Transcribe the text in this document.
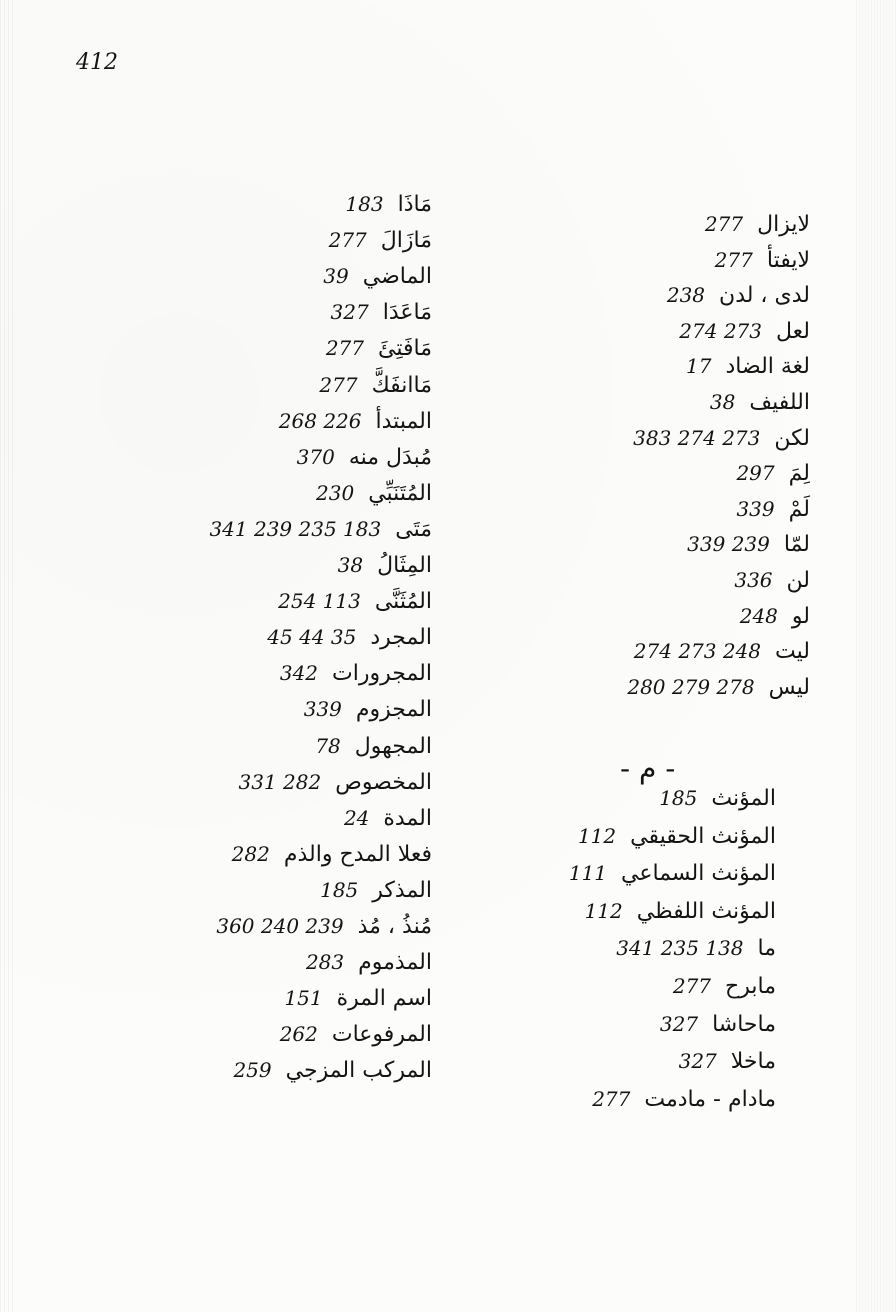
412
- م -
183 مَاذَا
277 مَازَالَ
39 الماضي
327 مَاعَدَا
277 مَافَتِئَ
277 مَاانفَكَّ
268 226 المبتدأ
370 مُبدَل منه
230 المُتَنَبِّي
341 239 235 183 مَتَى
38 المِثَالُ
254 113 المُثَنَّى
45 44 35 المجرد
342 المجرورات
339 المجزوم
78 المجهول
331 282 المخصوص
24 المدة
282 فعلا المدح والذم
185 المذكر
360 240 239 مُنذُ ، مُذ
283 المذموم
151 اسم المرة
262 المرفوعات
259 المركب المزجي
277 لايزال
277 لايفتأ
238 لدى ، لدن
274 273 لعل
17 لغة الضاد
38 اللفيف
383 274 273 لكن
297 لِمَ
339 لَمْ
339 239 لمّا
336 لن
248 لو
274 273 248 ليت
280 279 278 ليس
185 المؤنث
112 المؤنث الحقيقي
111 المؤنث السماعي
112 المؤنث اللفظي
341 235 138 ما
277 مابرح
327 ماحاشا
327 ماخلا
277 مادام - مادمت
